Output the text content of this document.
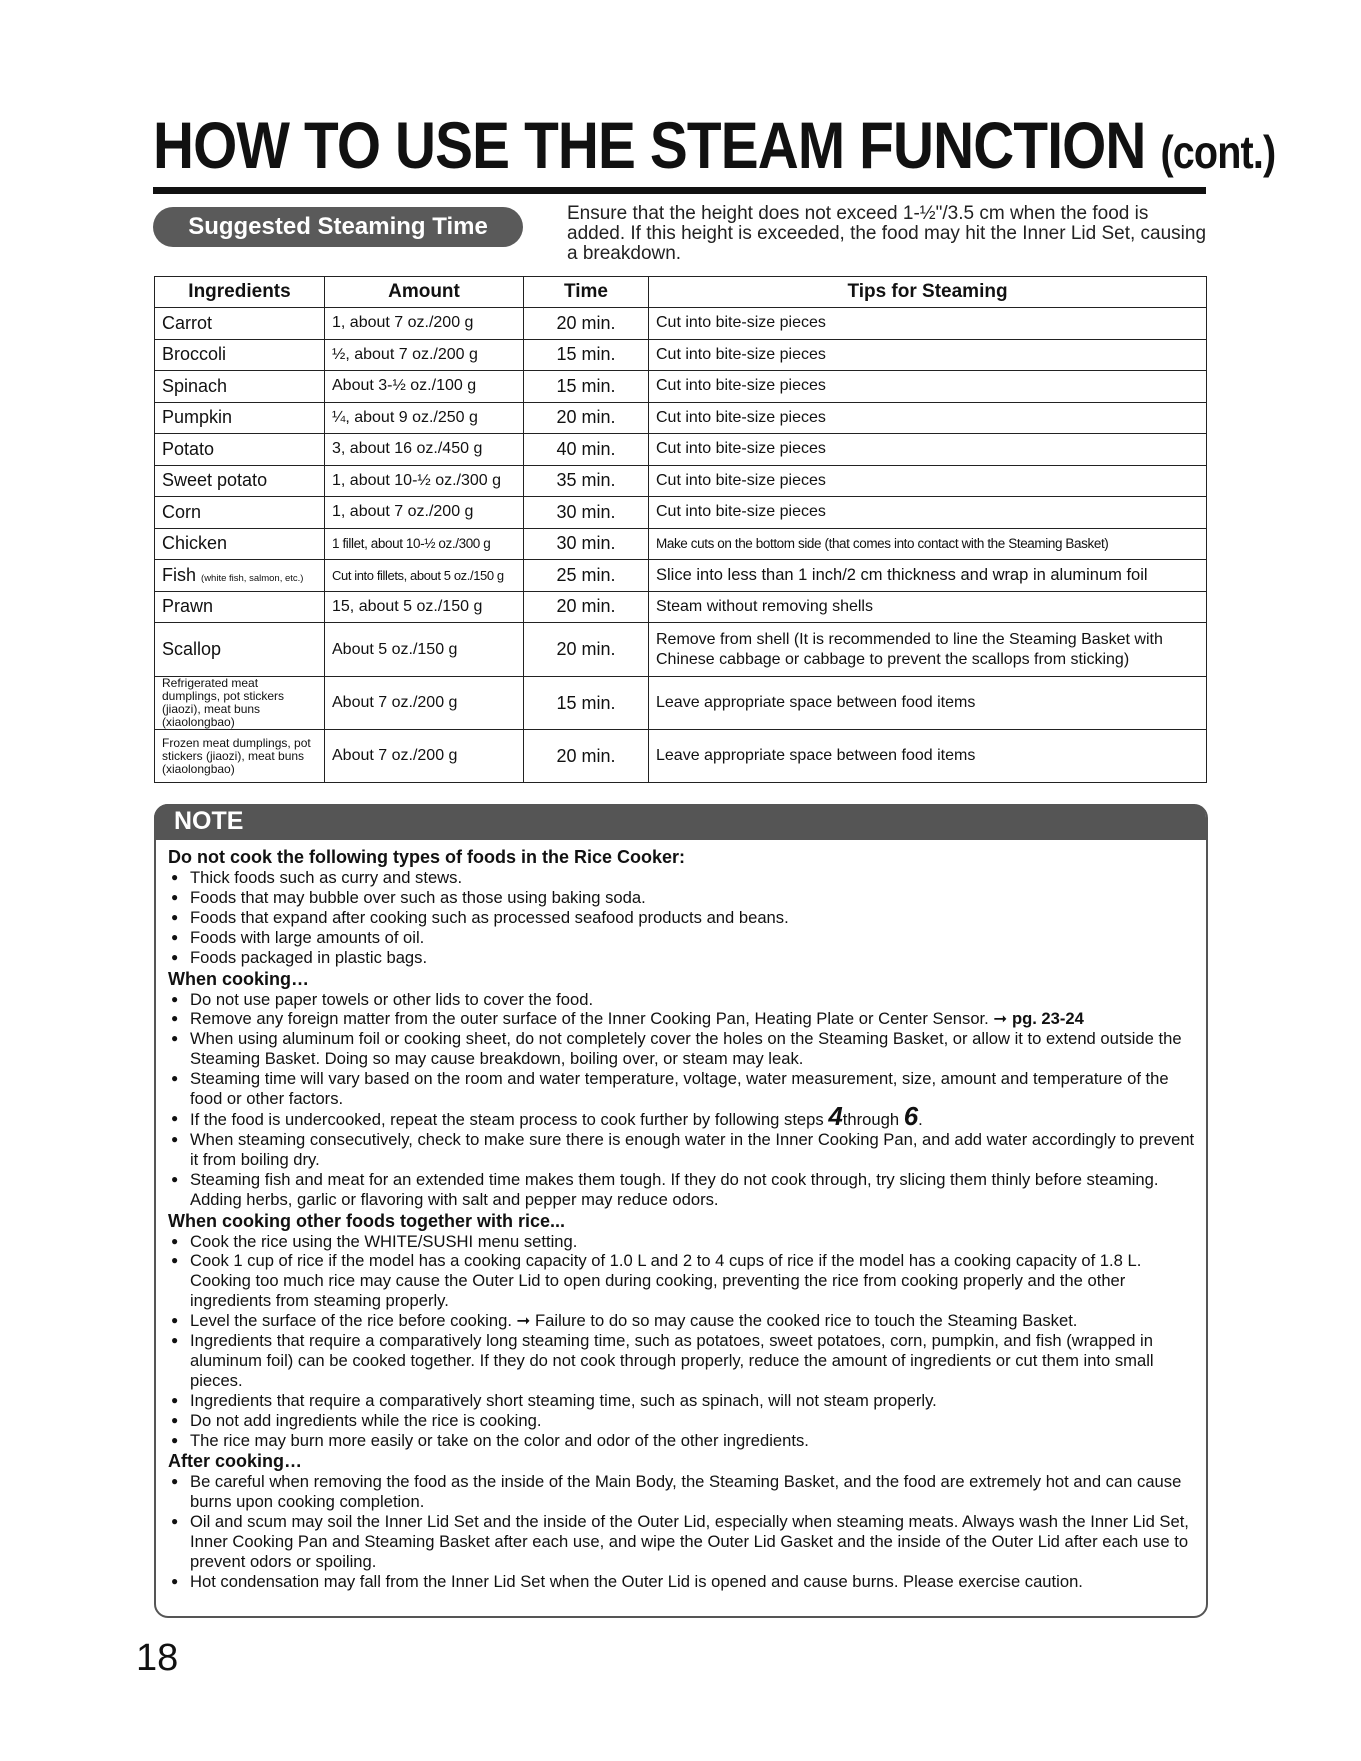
HOW TO USE THE STEAM FUNCTION (cont.)
Suggested Steaming Time	Ensure that the height does not exceed 1-½"/3.5 cm when the food is added. If this height is exceeded, the food may hit the Inner Lid Set, causing a breakdown.
Ingredients	Amount	Time	Tips for Steaming
Carrot	1, about 7 oz./200 g	20 min.	Cut into bite-size pieces
Broccoli	½, about 7 oz./200 g	15 min.	Cut into bite-size pieces
Spinach	About 3-½ oz./100 g	15 min.	Cut into bite-size pieces
Pumpkin	¼, about 9 oz./250 g	20 min.	Cut into bite-size pieces
Potato	3, about 16 oz./450 g	40 min.	Cut into bite-size pieces
Sweet potato	1, about 10-½ oz./300 g	35 min.	Cut into bite-size pieces
Corn	1, about 7 oz./200 g	30 min.	Cut into bite-size pieces
Chicken	1 fillet, about 10-½ oz./300 g	30 min.	Make cuts on the bottom side (that comes into contact with the Steaming Basket)
Fish (white fish, salmon, etc.)	Cut into fillets, about 5 oz./150 g	25 min.	Slice into less than 1 inch/2 cm thickness and wrap in aluminum foil
Prawn	15, about 5 oz./150 g	20 min.	Steam without removing shells
Scallop	About 5 oz./150 g	20 min.	Remove from shell (It is recommended to line the Steaming Basket with Chinese cabbage or cabbage to prevent the scallops from sticking)
Refrigerated meat dumplings, pot stickers (jiaozi), meat buns (xiaolongbao)	About 7 oz./200 g	15 min.	Leave appropriate space between food items
Frozen meat dumplings, pot stickers (jiaozi), meat buns (xiaolongbao)	About 7 oz./200 g	20 min.	Leave appropriate space between food items
NOTE
Do not cook the following types of foods in the Rice Cooker:
● Thick foods such as curry and stews.
● Foods that may bubble over such as those using baking soda.
● Foods that expand after cooking such as processed seafood products and beans.
● Foods with large amounts of oil.
● Foods packaged in plastic bags.
When cooking…
● Do not use paper towels or other lids to cover the food.
● Remove any foreign matter from the outer surface of the Inner Cooking Pan, Heating Plate or Center Sensor. ➞ pg. 23-24
● When using aluminum foil or cooking sheet, do not completely cover the holes on the Steaming Basket, or allow it to extend outside the Steaming Basket. Doing so may cause breakdown, boiling over, or steam may leak.
● Steaming time will vary based on the room and water temperature, voltage, water measurement, size, amount and temperature of the food or other factors.
● If the food is undercooked, repeat the steam process to cook further by following steps 4through 6.
● When steaming consecutively, check to make sure there is enough water in the Inner Cooking Pan, and add water accordingly to prevent it from boiling dry.
● Steaming fish and meat for an extended time makes them tough. If they do not cook through, try slicing them thinly before steaming. Adding herbs, garlic or flavoring with salt and pepper may reduce odors.
When cooking other foods together with rice...
● Cook the rice using the WHITE/SUSHI menu setting.
● Cook 1 cup of rice if the model has a cooking capacity of 1.0 L and 2 to 4 cups of rice if the model has a cooking capacity of 1.8 L. Cooking too much rice may cause the Outer Lid to open during cooking, preventing the rice from cooking properly and the other ingredients from steaming properly.
● Level the surface of the rice before cooking. ➞ Failure to do so may cause the cooked rice to touch the Steaming Basket.
● Ingredients that require a comparatively long steaming time, such as potatoes, sweet potatoes, corn, pumpkin, and fish (wrapped in aluminum foil) can be cooked together. If they do not cook through properly, reduce the amount of ingredients or cut them into small pieces.
● Ingredients that require a comparatively short steaming time, such as spinach, will not steam properly.
● Do not add ingredients while the rice is cooking.
● The rice may burn more easily or take on the color and odor of the other ingredients.
After cooking…
● Be careful when removing the food as the inside of the Main Body, the Steaming Basket, and the food are extremely hot and can cause burns upon cooking completion.
● Oil and scum may soil the Inner Lid Set and the inside of the Outer Lid, especially when steaming meats. Always wash the Inner Lid Set, Inner Cooking Pan and Steaming Basket after each use, and wipe the Outer Lid Gasket and the inside of the Outer Lid after each use to prevent odors or spoiling.
● Hot condensation may fall from the Inner Lid Set when the Outer Lid is opened and cause burns. Please exercise caution.
18
